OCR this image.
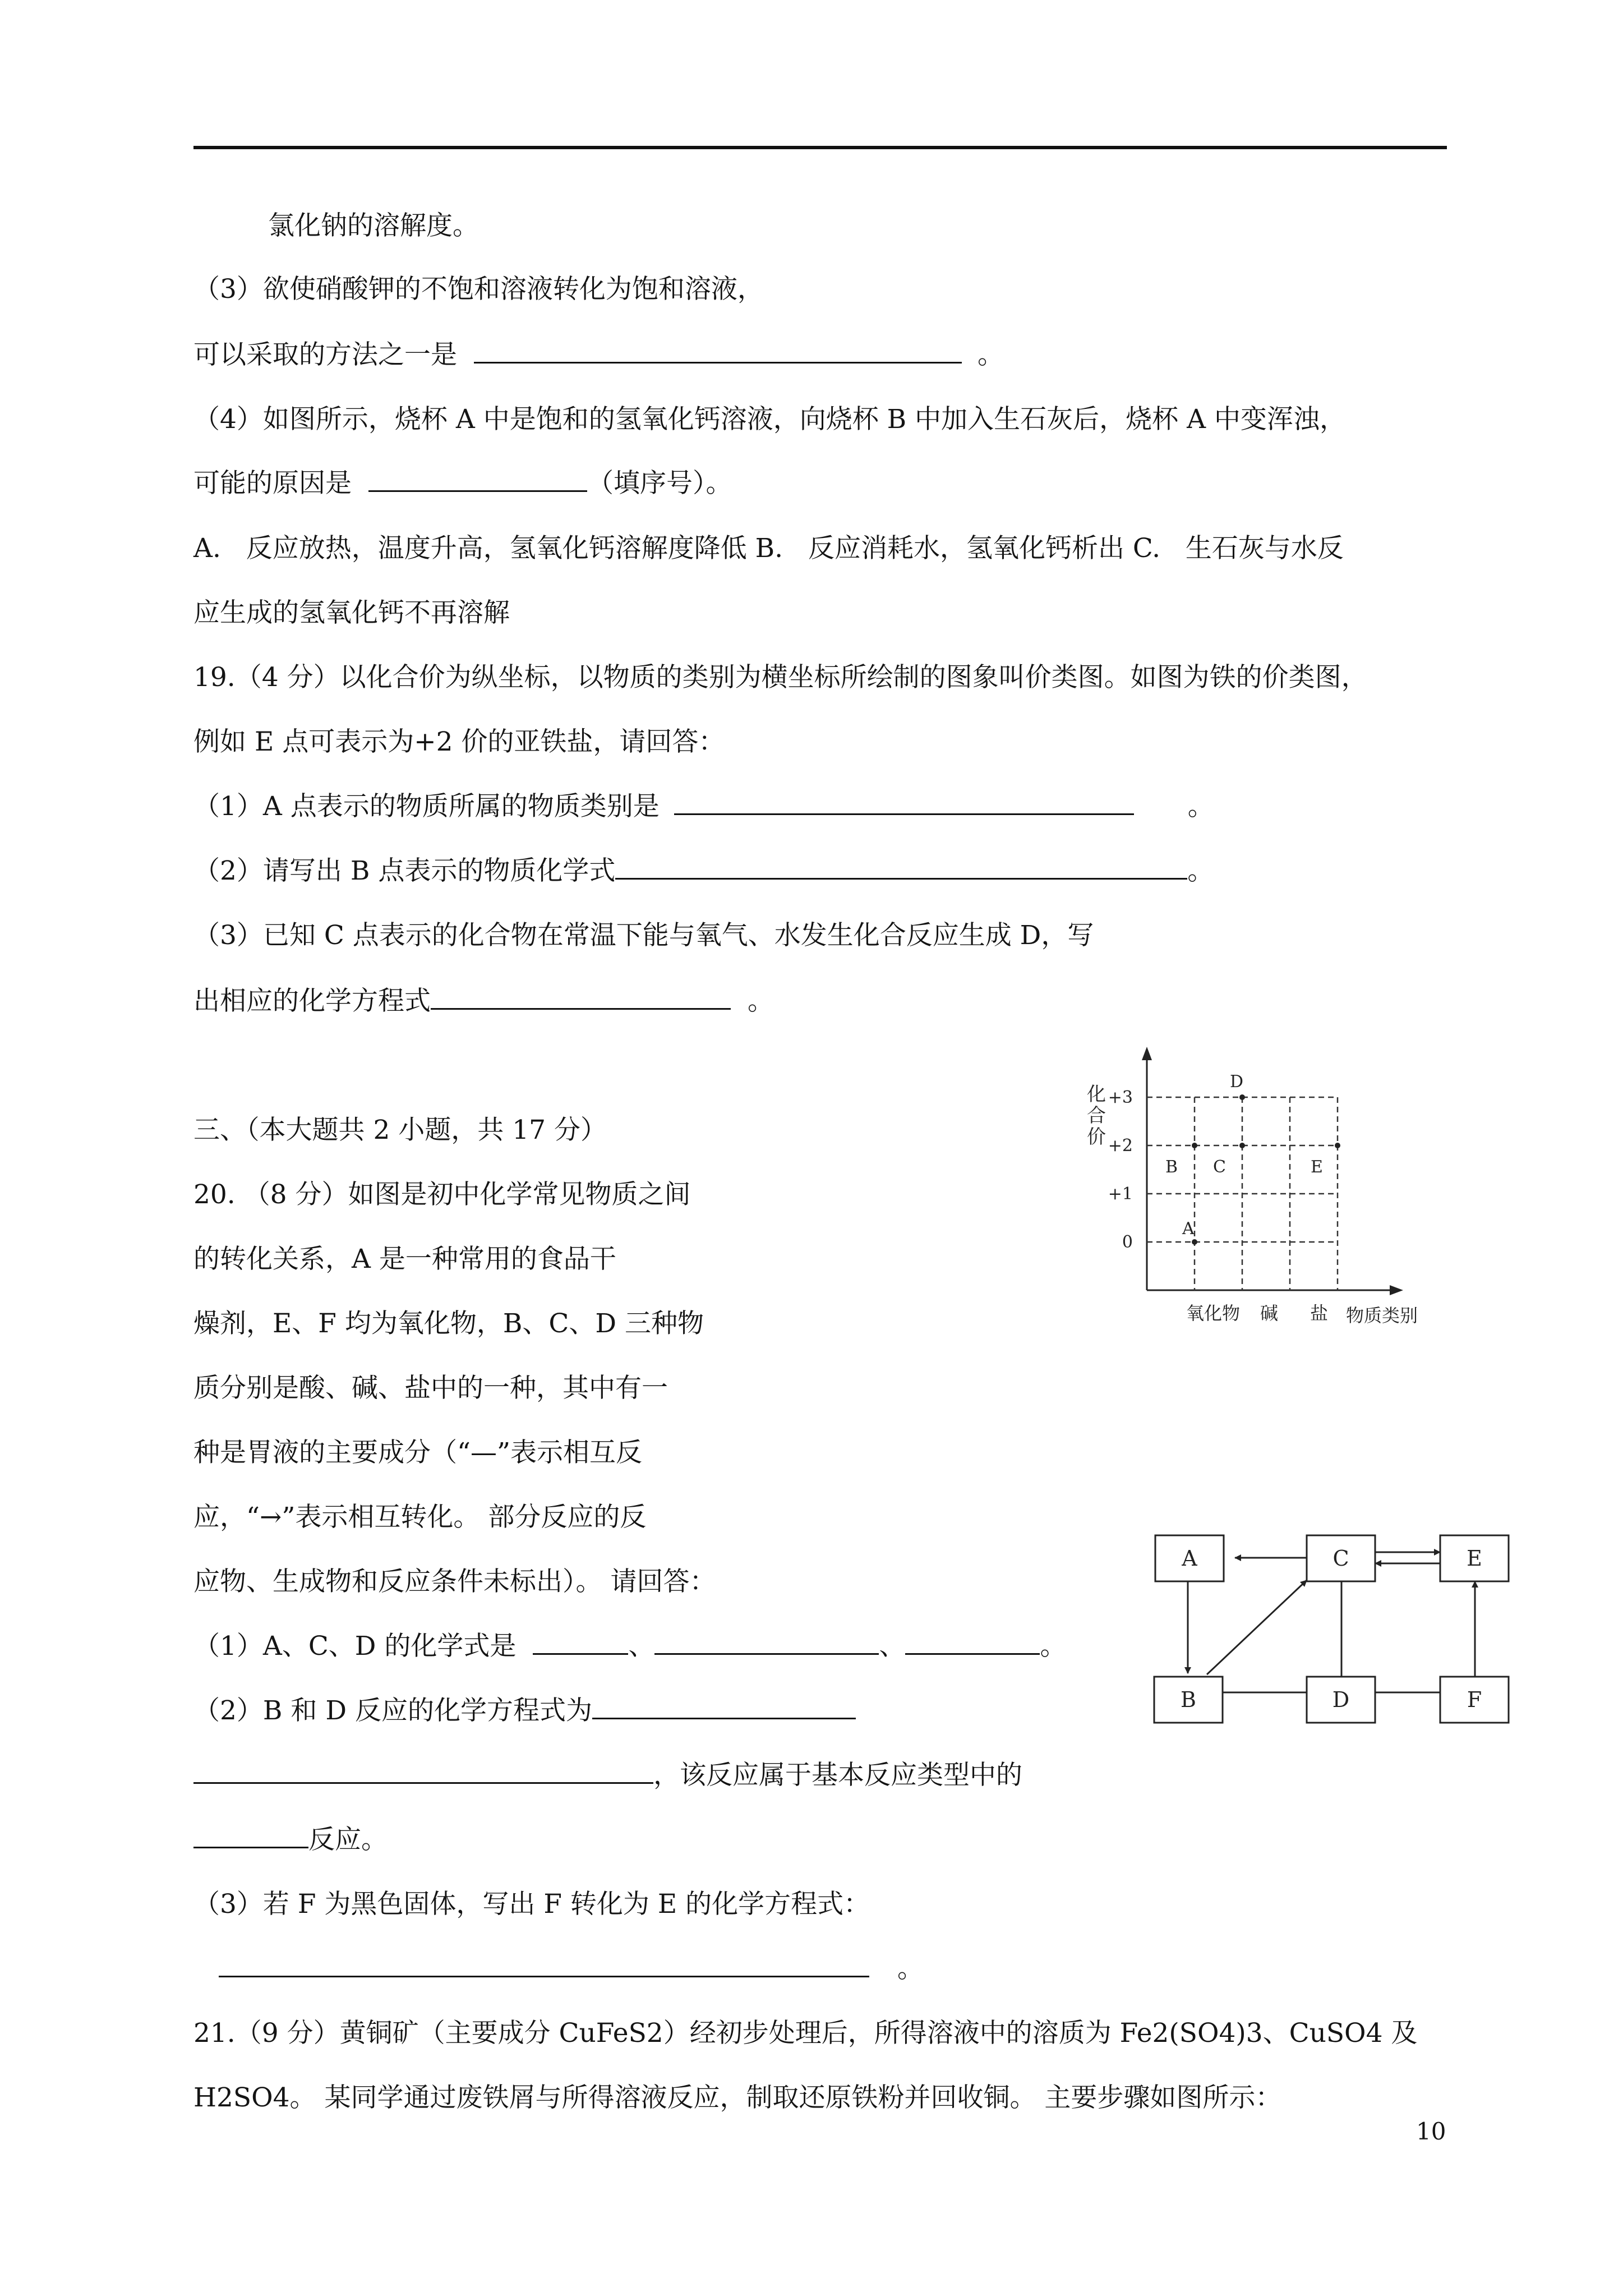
氯化钠的溶解度。
（3）欲使硝酸钾的不饱和溶液转化为饱和溶液，
可以采取的方法之一是	。
（4）如图所示，烧杯 A 中是饱和的氢氧化钙溶液，向烧杯 B 中加入生石灰后，烧杯 A 中变浑浊，
可能的原因是	（填序号）。
A.   反应放热，温度升高，氢氧化钙溶解度降低 B.   反应消耗水，氢氧化钙析出 C.   生石灰与水反
应生成的氢氧化钙不再溶解
19.（4 分）以化合价为纵坐标，以物质的类别为横坐标所绘制的图象叫价类图。如图为铁的价类图，
例如 E 点可表示为+2 价的亚铁盐，请回答：
（1）A 点表示的物质所属的物质类别是	。
（2）请写出 B 点表示的物质化学式	。
（3）已知 C 点表示的化合物在常温下能与氧气、水发生化合反应生成 D，写
出相应的化学方程式	。
三、（本大题共 2 小题，共 17 分）
20. （8 分）如图是初中化学常见物质之间
的转化关系，A 是一种常用的食品干
燥剂，E、F 均为氧化物，B、C、D 三种物
质分别是酸、碱、盐中的一种，其中有一
种是胃液的主要成分（“—”表示相互反
应，“→”表示相互转化。 部分反应的反
应物、生成物和反应条件未标出）。 请回答：
（1）A、C、D 的化学式是	、	、	。
（2）B 和 D 反应的化学方程式为
，该反应属于基本反应类型中的
反应。
（3）若 F 为黑色固体，写出 F 转化为 E 的化学方程式：
。
21.（9 分）黄铜矿（主要成分 CuFeS2）经初步处理后，所得溶液中的溶质为 Fe2(SO4)3、CuSO4 及
H2SO4。 某同学通过废铁屑与所得溶液反应，制取还原铁粉并回收铜。 主要步骤如图所示：
10
化
合
价
+3
+2
+1
0
氧化物 碱 盐 物质类别
A
B C
D
E
A	C	E
B	D	F
